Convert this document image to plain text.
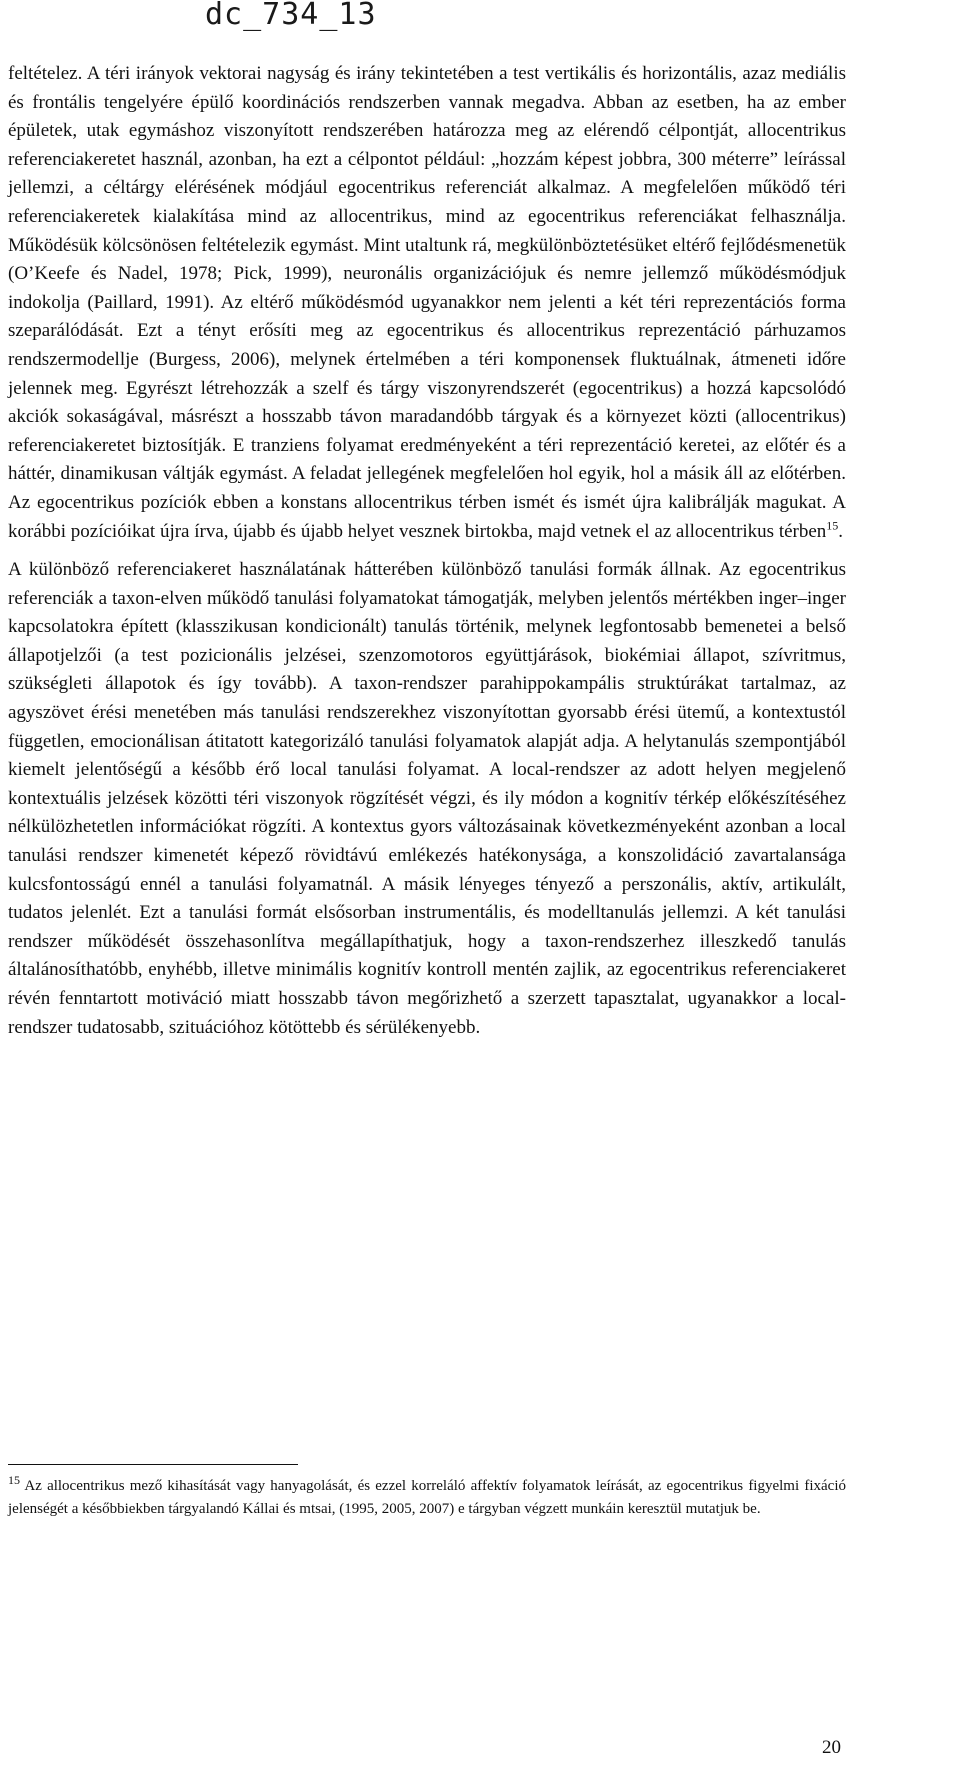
dc_734_13

feltételez. A téri irányok vektorai nagyság és irány tekintetében a test vertikális és horizontális, azaz mediális és frontális tengelyére épülő koordinációs rendszerben vannak megadva. Abban az esetben, ha az ember épületek, utak egymáshoz viszonyított rendszerében határozza meg az elérendő célpontját, allocentrikus referenciakeretet használ, azonban, ha ezt a célpontot például: „hozzám képest jobbra, 300 méterre” leírással jellemzi, a céltárgy elérésének módjául egocentrikus referenciát alkalmaz. A megfelelően működő téri referenciakeretek kialakítása mind az allocentrikus, mind az egocentrikus referenciákat felhasználja. Működésük kölcsönösen feltételezik egymást. Mint utaltunk rá, megkülönböztetésüket eltérő fejlődésmenetük (O’Keefe és Nadel, 1978; Pick, 1999), neuronális organizációjuk és nemre jellemző működésmódjuk indokolja (Paillard, 1991). Az eltérő működésmód ugyanakkor nem jelenti a két téri reprezentációs forma szeparálódását. Ezt a tényt erősíti meg az egocentrikus és allocentrikus reprezentáció párhuzamos rendszermodellje (Burgess, 2006), melynek értelmében a téri komponensek fluktuálnak, átmeneti időre jelennek meg. Egyrészt létrehozzák a szelf és tárgy viszonyrendszerét (egocentrikus) a hozzá kapcsolódó akciók sokaságával, másrészt a hosszabb távon maradandóbb tárgyak és a környezet közti (allocentrikus) referenciakeretet biztosítják. E tranziens folyamat eredményeként a téri reprezentáció keretei, az előtér és a háttér, dinamikusan váltják egymást. A feladat jellegének megfelelően hol egyik, hol a másik áll az előtérben. Az egocentrikus pozíciók ebben a konstans allocentrikus térben ismét és ismét újra kalibrálják magukat. A korábbi pozícióikat újra írva, újabb és újabb helyet vesznek birtokba, majd vetnek el az allocentrikus térben$^{15}$.

A különböző referenciakeret használatának hátterében különböző tanulási formák állnak. Az egocentrikus referenciák a taxon-elven működő tanulási folyamatokat támogatják, melyben jelentős mértékben inger–inger kapcsolatokra épített (klasszikusan kondicionált) tanulás történik, melynek legfontosabb bemenetei a belső állapotjelzői (a test pozicionális jelzései, szenzomotoros együttjárások, biokémiai állapot, szívritmus, szükségleti állapotok és így tovább). A taxon-rendszer parahippokampális struktúrákat tartalmaz, az agyszövet érési menetében más tanulási rendszerekhez viszonyítottan gyorsabb érési ütemű, a kontextustól független, emocionálisan átitatott kategorizáló tanulási folyamatok alapját adja. A helytanulás szempontjából kiemelt jelentőségű a később érő local tanulási folyamat. A local-rendszer az adott helyen megjelenő kontextuális jelzések közötti téri viszonyok rögzítését végzi, és ily módon a kognitív térkép előkészítéséhez nélkülözhetetlen információkat rögzíti. A kontextus gyors változásainak következményeként azonban a local tanulási rendszer kimenetét képező rövidtávú emlékezés hatékonysága, a konszolidáció zavartalansága kulcsfontosságú ennél a tanulási folyamatnál. A másik lényeges tényező a perszonális, aktív, artikulált, tudatos jelenlét. Ezt a tanulási formát elsősorban instrumentális, és modelltanulás jellemzi. A két tanulási rendszer működését összehasonlítva megállapíthatjuk, hogy a taxon-rendszerhez illeszkedő tanulás általánosíthatóbb, enyhébb, illetve minimális kognitív kontroll mentén zajlik, az egocentrikus referenciakeret révén fenntartott motiváció miatt hosszabb távon megőrizhető a szerzett tapasztalat, ugyanakkor a local-rendszer tudatosabb, szituációhoz kötöttebb és sérülékenyebb.

$^{15}$ Az allocentrikus mező kihasítását vagy hanyagolását, és ezzel korreláló affektív folyamatok leírását, az egocentrikus figyelmi fixáció jelenségét a későbbiekben tárgyalandó Kállai és mtsai, (1995, 2005, 2007) e tárgyban végzett munkáin keresztül mutatjuk be.
20
